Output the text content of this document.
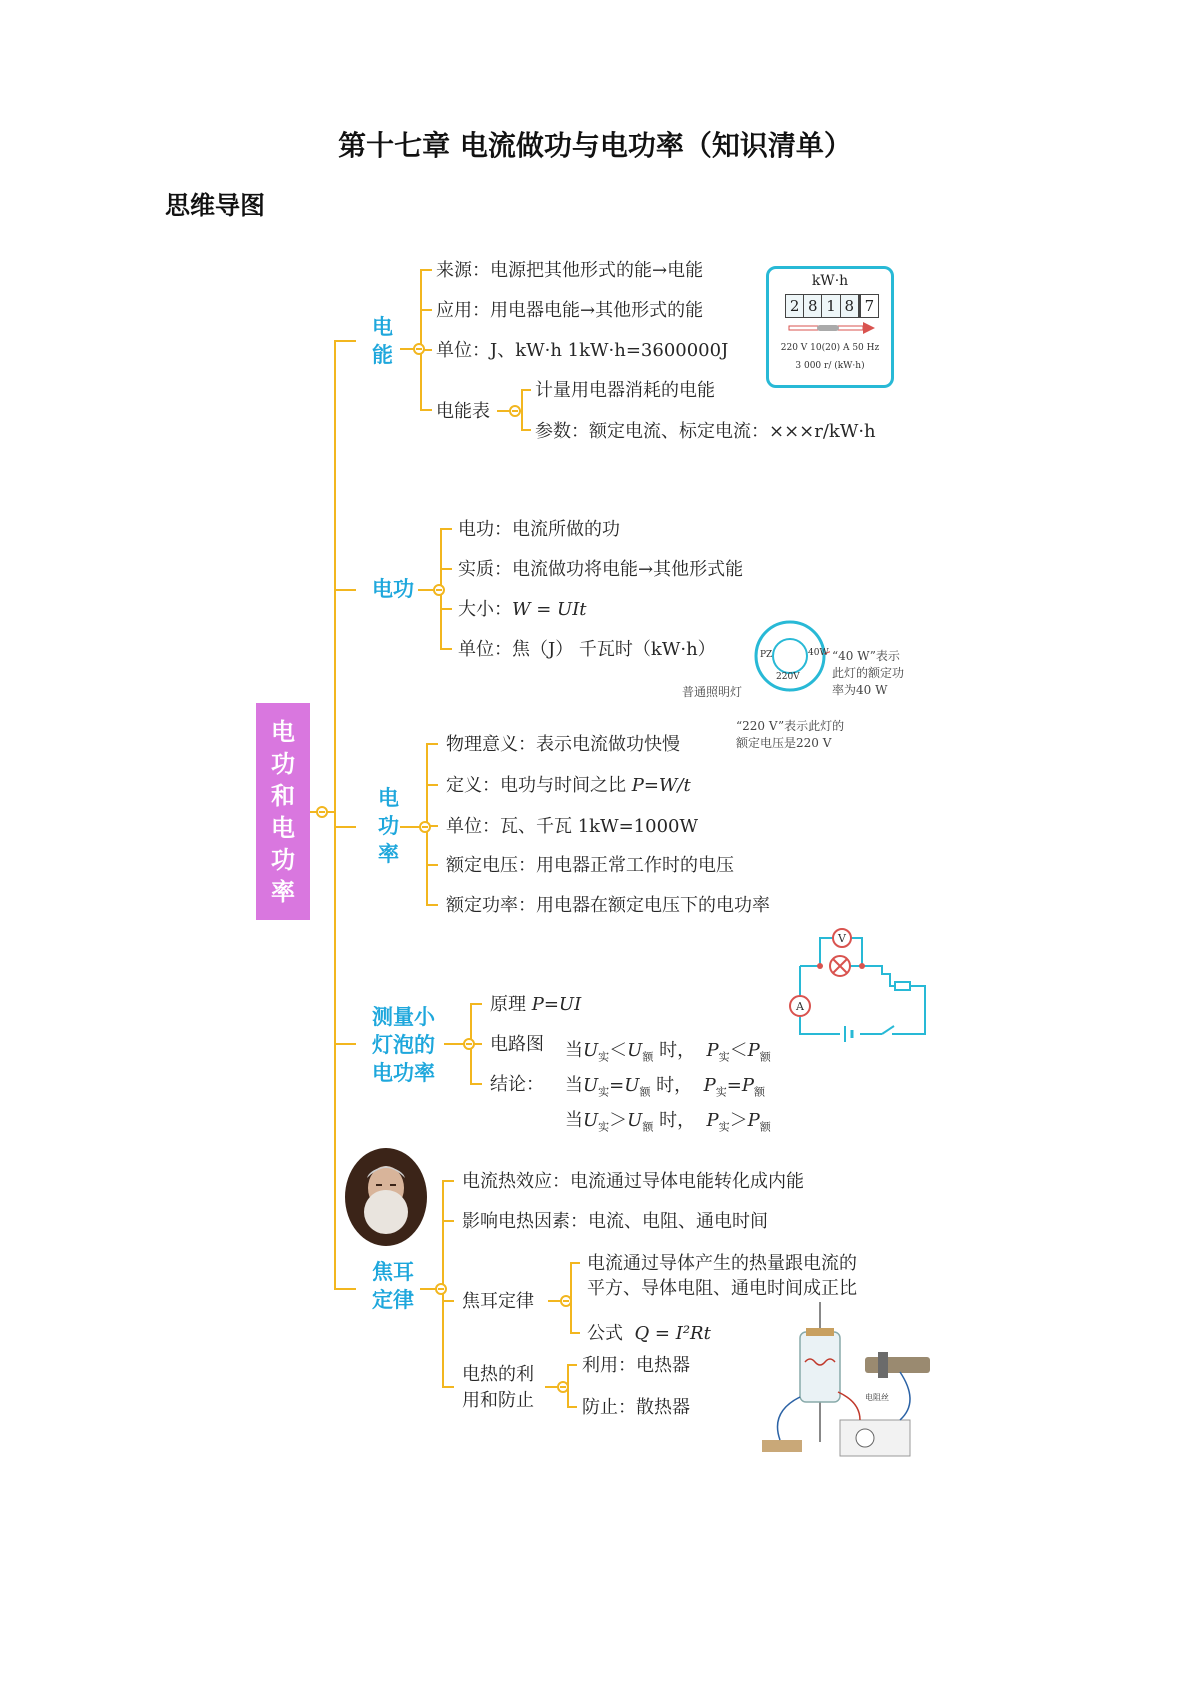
第十七章 电流做功与电功率（知识清单）
思维导图
电
功
和
电
功
率
电
能
来源：电源把其他形式的能→电能
应用：用电器电能→其他形式的能
单位：J、kW·h 1kW·h=3600000J
电能表
计量用电器消耗的电能
参数：额定电流、标定电流：×××r/kW·h
kW·h
2 8 1 8 7
220 V 10(20) A 50 Hz
3 000 r/ (kW·h)
电功
电功：电流所做的功
实质：电流做功将电能→其他形式能
大小：W = UIt
单位：焦（J） 千瓦时（kW·h）	PZ
220V
40W
普通照明灯
“40 W”表示
此灯的额定功
率为40 W
“220 V”表示此灯的
额定电压是220 V
电
功
率
物理意义：表示电流做功快慢
定义：电功与时间之比 P=W/t
单位：瓦、千瓦 1kW=1000W
额定电压：用电器正常工作时的电压
额定功率：用电器在额定电压下的电功率
测量小
灯泡的
电功率
原理 P=UI
电路图
结论：
当$U_实<U_额$ 时，  $P_实<P_额$
当$U_实=U_额$ 时，  $P_实=P_额$
当$U_实>U_额$ 时，  $P_实>P_额$
V
A
焦耳
定律
电流热效应：电流通过导体电能转化成内能
影响电热因素：电流、电阻、通电时间
焦耳定律
电流通过导体产生的热量跟电流的
平方、导体电阻、通电时间成正比
公式  Q = I²Rt
电热的利
用和防止
利用：电热器
防止：散热器	电阻丝
